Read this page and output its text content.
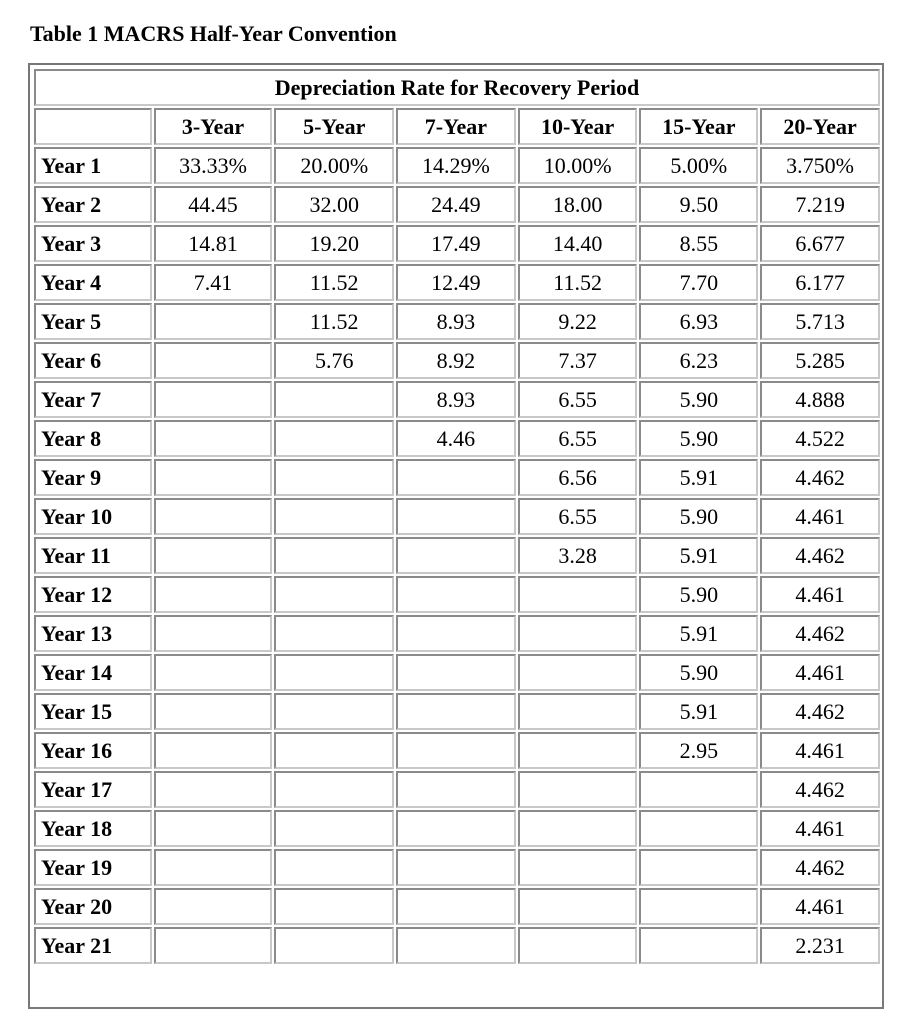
Table 1 MACRS Half-Year Convention
Depreciation Rate for Recovery Period						
	3-Year	5-Year	7-Year	10-Year	15-Year	20-Year
Year 1	33.33%	20.00%	14.29%	10.00%	5.00%	3.750%
Year 2	44.45	32.00	24.49	18.00	9.50	7.219
Year 3	14.81	19.20	17.49	14.40	8.55	6.677
Year 4	7.41	11.52	12.49	11.52	7.70	6.177
Year 5		11.52	8.93	9.22	6.93	5.713
Year 6		5.76	8.92	7.37	6.23	5.285
Year 7			8.93	6.55	5.90	4.888
Year 8			4.46	6.55	5.90	4.522
Year 9				6.56	5.91	4.462
Year 10				6.55	5.90	4.461
Year 11				3.28	5.91	4.462
Year 12					5.90	4.461
Year 13					5.91	4.462
Year 14					5.90	4.461
Year 15					5.91	4.462
Year 16					2.95	4.461
Year 17						4.462
Year 18						4.461
Year 19						4.462
Year 20						4.461
Year 21						2.231
